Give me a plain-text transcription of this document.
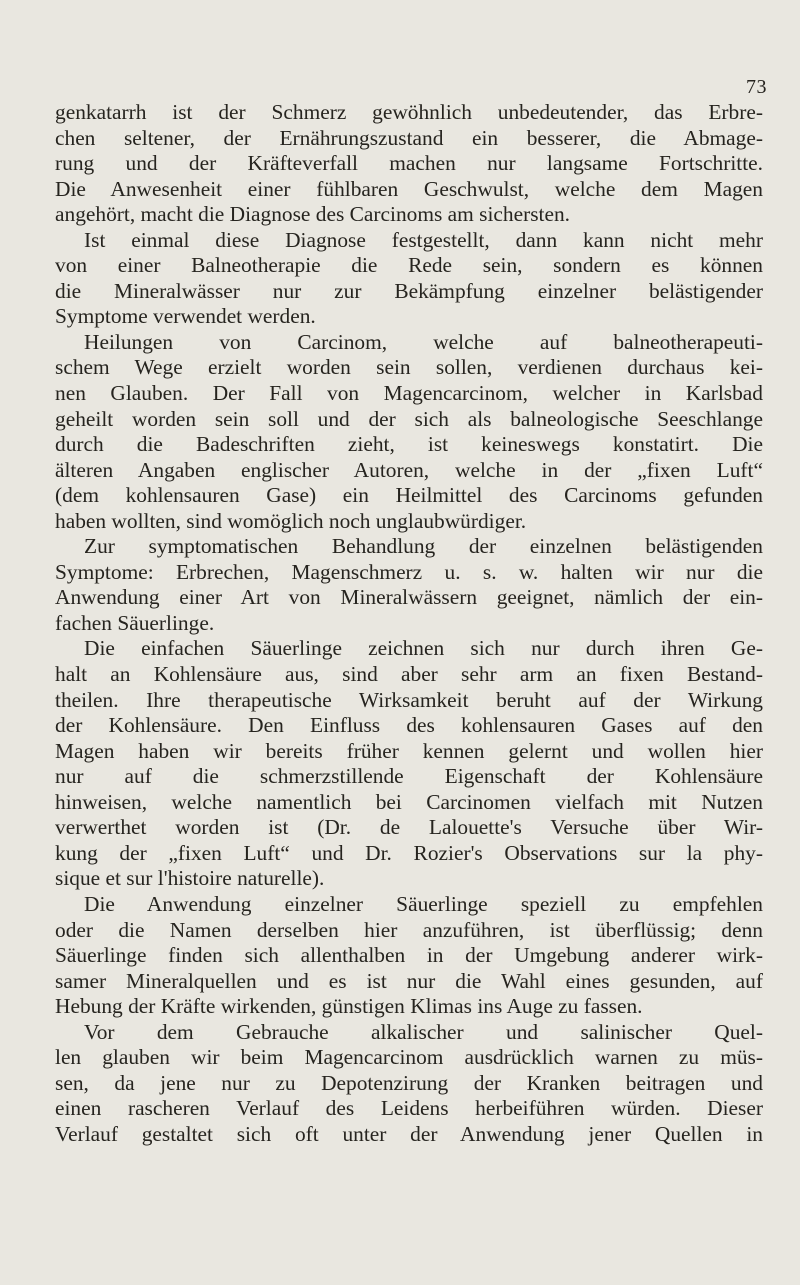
73
genkatarrh ist der Schmerz gewöhnlich unbedeutender, das Erbre-
chen seltener, der Ernährungszustand ein besserer, die Abmage-
rung und der Kräfteverfall machen nur langsame Fortschritte.
Die Anwesenheit einer fühlbaren Geschwulst, welche dem Magen
angehört, macht die Diagnose des Carcinoms am sichersten.
Ist einmal diese Diagnose festgestellt, dann kann nicht mehr
von einer Balneotherapie die Rede sein, sondern es können
die Mineralwässer nur zur Bekämpfung einzelner belästigender
Symptome verwendet werden.
Heilungen von Carcinom, welche auf balneotherapeuti-
schem Wege erzielt worden sein sollen, verdienen durchaus kei-
nen Glauben. Der Fall von Magencarcinom, welcher in Karlsbad
geheilt worden sein soll und der sich als balneologische Seeschlange
durch die Badeschriften zieht, ist keineswegs konstatirt. Die
älteren Angaben englischer Autoren, welche in der „fixen Luft“
(dem kohlensauren Gase) ein Heilmittel des Carcinoms gefunden
haben wollten, sind womöglich noch unglaubwürdiger.
Zur symptomatischen Behandlung der einzelnen belästigenden
Symptome: Erbrechen, Magenschmerz u. s. w. halten wir nur die
Anwendung einer Art von Mineralwässern geeignet, nämlich der ein-
fachen Säuerlinge.
Die einfachen Säuerlinge zeichnen sich nur durch ihren Ge-
halt an Kohlensäure aus, sind aber sehr arm an fixen Bestand-
theilen. Ihre therapeutische Wirksamkeit beruht auf der Wirkung
der Kohlensäure. Den Einfluss des kohlensauren Gases auf den
Magen haben wir bereits früher kennen gelernt und wollen hier
nur auf die schmerzstillende Eigenschaft der Kohlensäure
hinweisen, welche namentlich bei Carcinomen vielfach mit Nutzen
verwerthet worden ist (Dr. de Lalouette's Versuche über Wir-
kung der „fixen Luft“ und Dr. Rozier's Observations sur la phy-
sique et sur l'histoire naturelle).
Die Anwendung einzelner Säuerlinge speziell zu empfehlen
oder die Namen derselben hier anzuführen, ist überflüssig; denn
Säuerlinge finden sich allenthalben in der Umgebung anderer wirk-
samer Mineralquellen und es ist nur die Wahl eines gesunden, auf
Hebung der Kräfte wirkenden, günstigen Klimas ins Auge zu fassen.
Vor dem Gebrauche alkalischer und salinischer Quel-
len glauben wir beim Magencarcinom ausdrücklich warnen zu müs-
sen, da jene nur zu Depotenzirung der Kranken beitragen und
einen rascheren Verlauf des Leidens herbeiführen würden. Dieser
Verlauf gestaltet sich oft unter der Anwendung jener Quellen in
